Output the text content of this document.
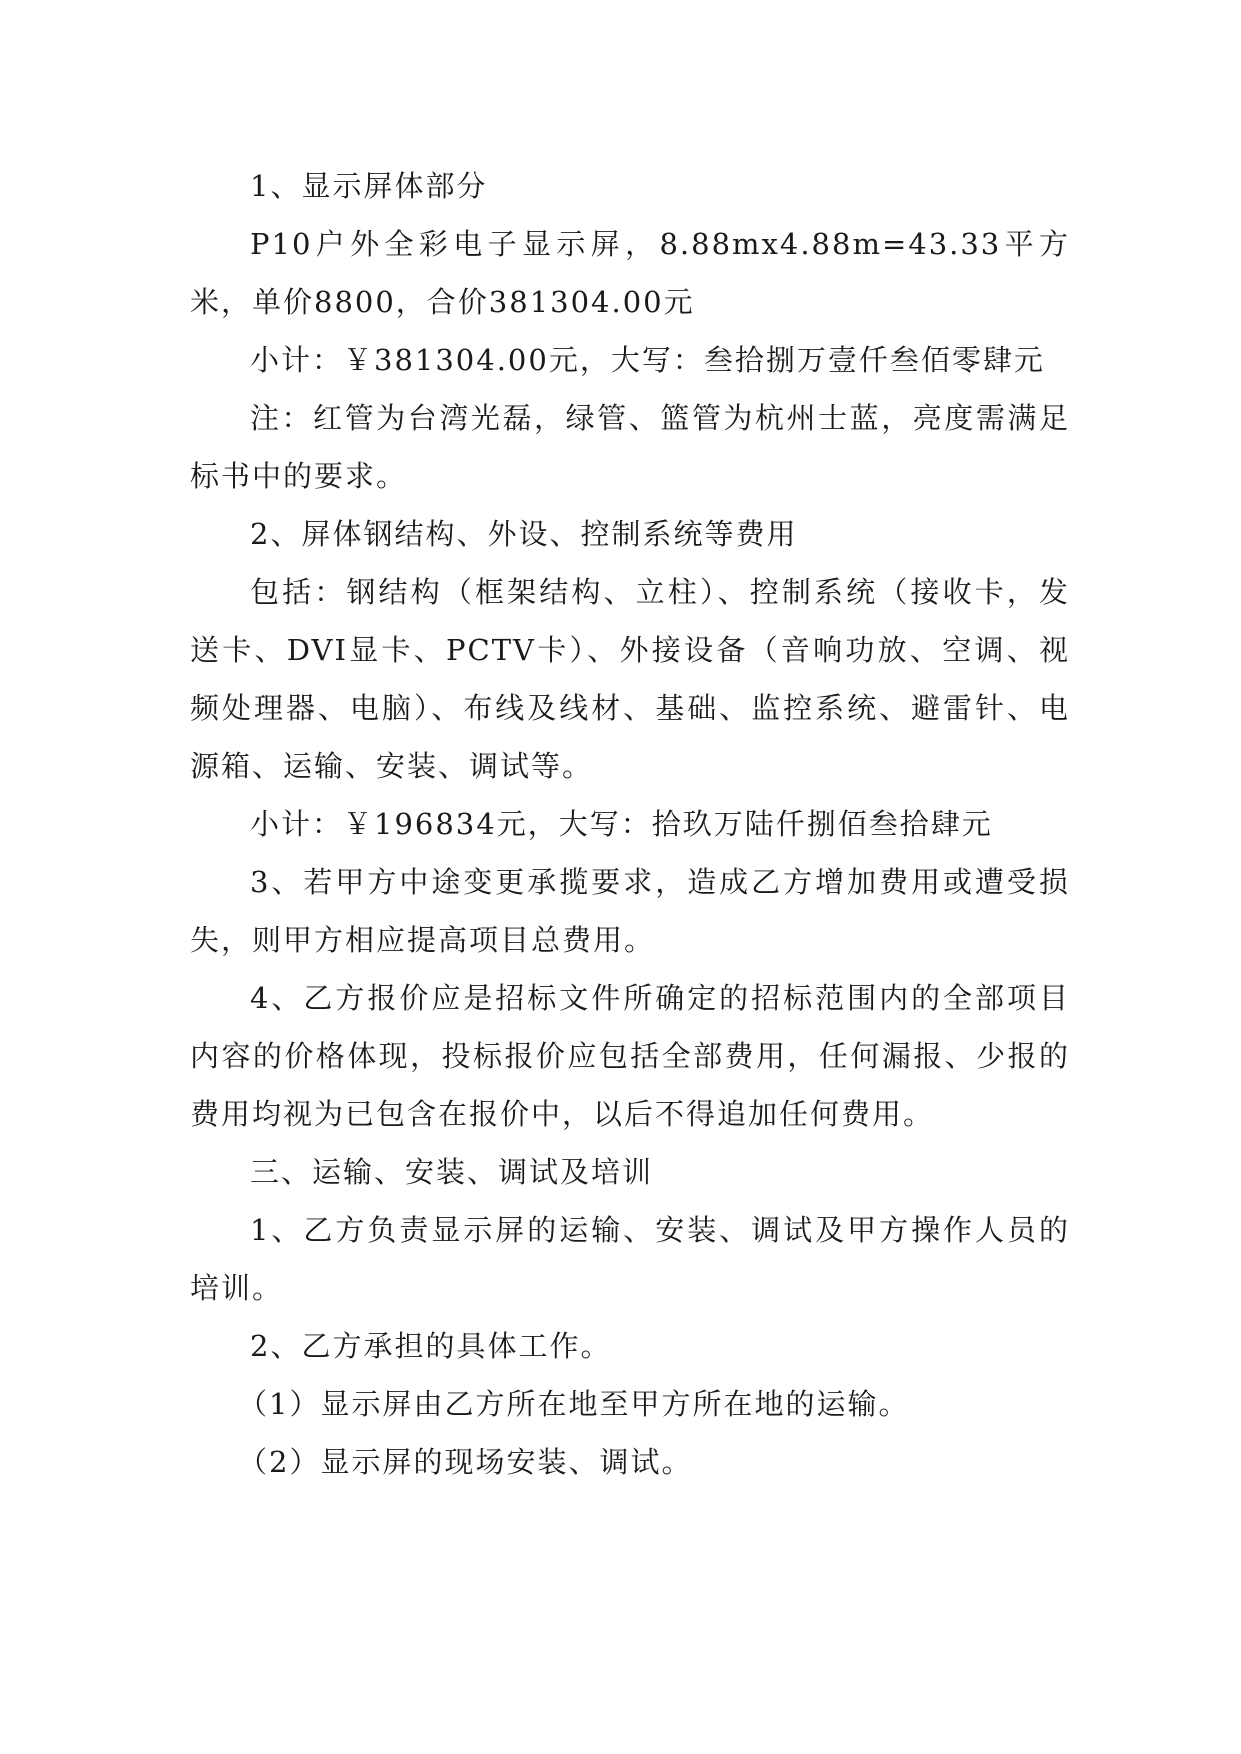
1、显示屏体部分

P10户外全彩电子显示屏，8.88mx4.88m=43.33平方米，单价8800，合价381304.00元

小计：￥381304.00元，大写：叁拾捌万壹仟叁佰零肆元

注：红管为台湾光磊，绿管、篮管为杭州士蓝，亮度需满足标书中的要求。

2、屏体钢结构、外设、控制系统等费用

包括：钢结构（框架结构、立柱）、控制系统（接收卡，发送卡、DVI显卡、PCTV卡）、外接设备（音响功放、空调、视频处理器、电脑）、布线及线材、基础、监控系统、避雷针、电源箱、运输、安装、调试等。

小计：￥196834元，大写：拾玖万陆仟捌佰叁拾肆元

3、若甲方中途变更承揽要求，造成乙方增加费用或遭受损失，则甲方相应提高项目总费用。

4、乙方报价应是招标文件所确定的招标范围内的全部项目内容的价格体现，投标报价应包括全部费用，任何漏报、少报的费用均视为已包含在报价中，以后不得追加任何费用。

三、运输、安装、调试及培训

1、乙方负责显示屏的运输、安装、调试及甲方操作人员的培训。

2、乙方承担的具体工作。

（1）显示屏由乙方所在地至甲方所在地的运输。

（2）显示屏的现场安装、调试。
